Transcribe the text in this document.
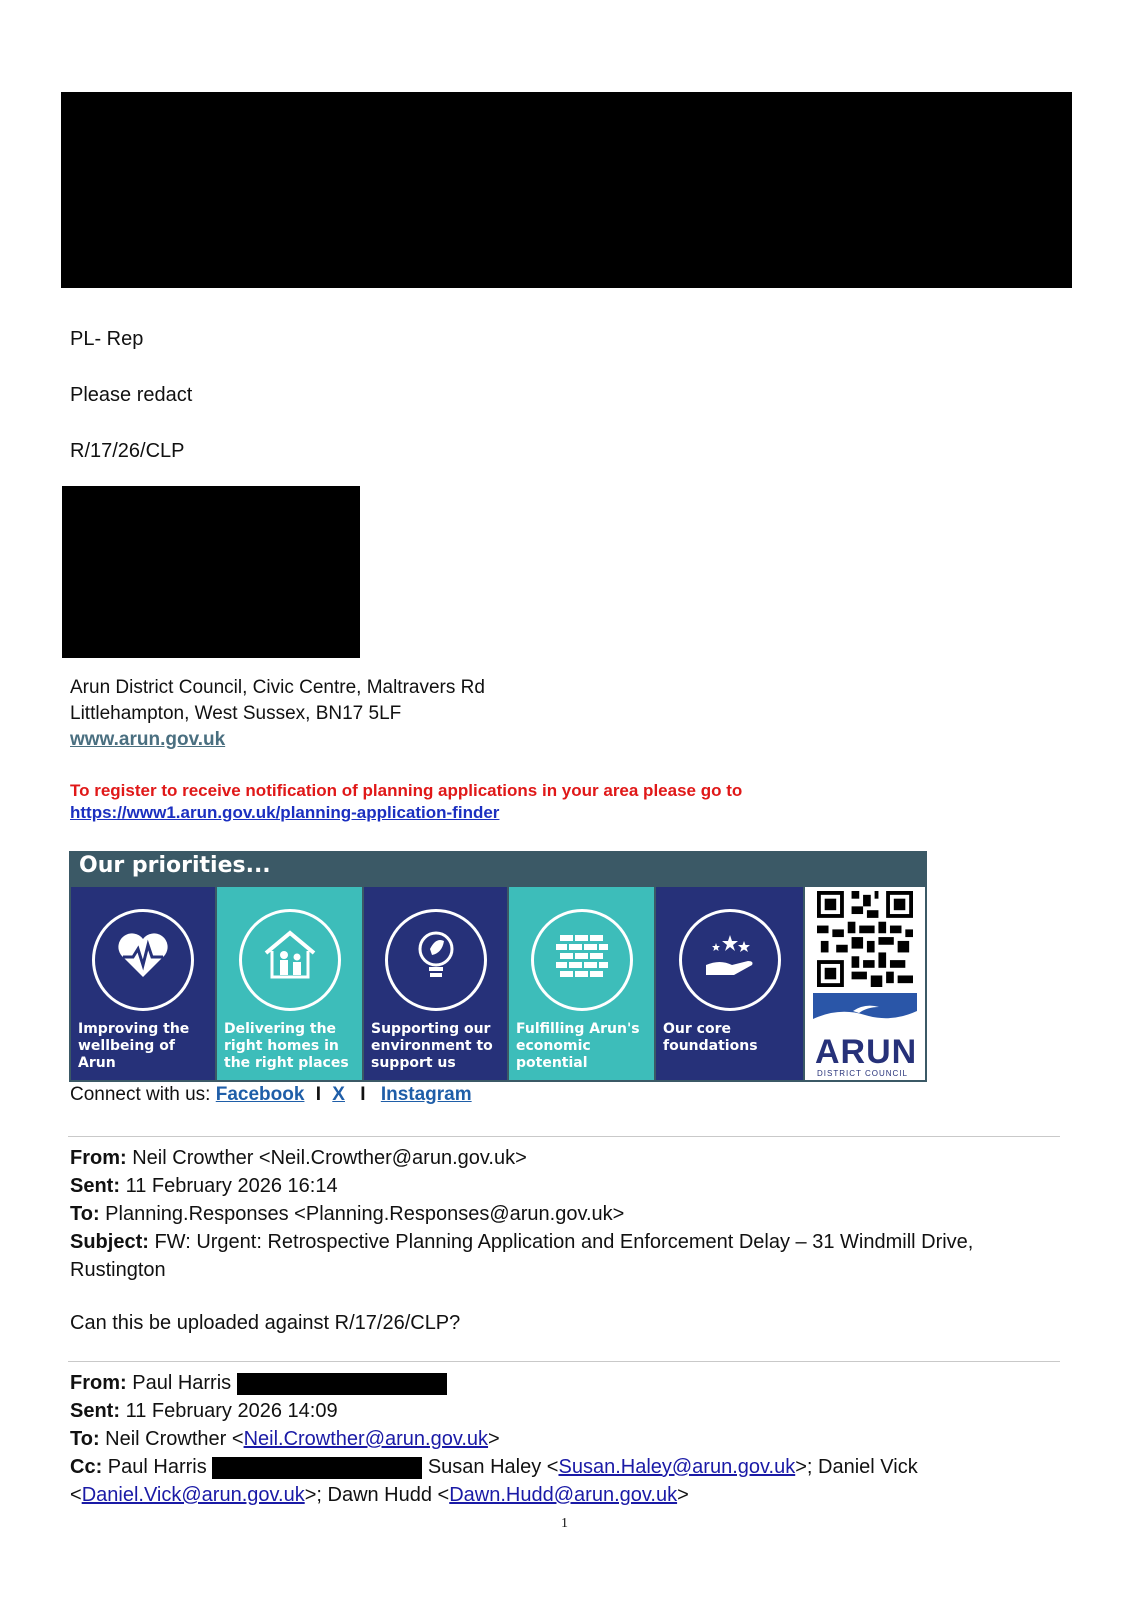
PL- Rep
Please redact
R/17/26/CLP
Arun District Council, Civic Centre, Maltravers Rd
Littlehampton, West Sussex, BN17 5LF
www.arun.gov.uk
To register to receive notification of planning applications in your area please go to
https://www1.arun.gov.uk/planning-application-finder
Our priorities...
Improving the wellbeing of Arun
Delivering the right homes in the right places
Supporting our environment to support us
Fulfilling Arun's economic potential
Our core foundations	ARUN
DISTRICT COUNCIL
Connect with us: Facebook I X I Instagram
From: Neil Crowther <Neil.Crowther@arun.gov.uk>
Sent: 11 February 2026 16:14
To: Planning.Responses <Planning.Responses@arun.gov.uk>
Subject: FW: Urgent: Retrospective Planning Application and Enforcement Delay – 31 Windmill Drive,
Rustington
Can this be uploaded against R/17/26/CLP?
From: Paul Harris
Sent: 11 February 2026 14:09
To: Neil Crowther <Neil.Crowther@arun.gov.uk>
Cc: Paul Harris	Susan Haley <Susan.Haley@arun.gov.uk>; Daniel Vick
<Daniel.Vick@arun.gov.uk>; Dawn Hudd <Dawn.Hudd@arun.gov.uk>
1
